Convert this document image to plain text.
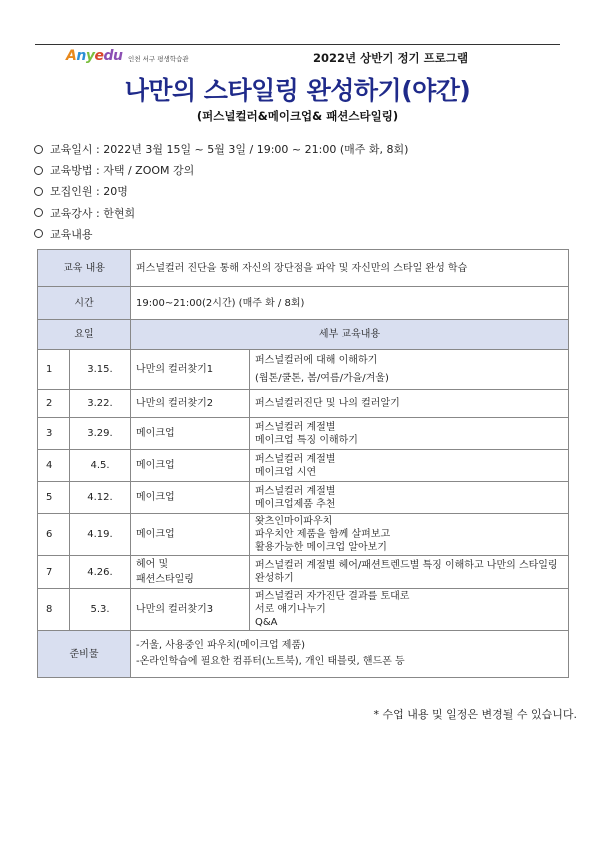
Anyedu 인천 서구 평생학습관	2022년 상반기 정기 프로그램
나만의 스타일링 완성하기(야간)
(퍼스널컬러&메이크업& 패션스타일링)
교육일시 : 2022년 3월 15일 ~ 5월 3일 / 19:00 ~ 21:00 (매주 화, 8회)
교육방법 : 자택 / ZOOM 강의
모집인원 : 20명
교육강사 : 한현희
교육내용
교육 내용		퍼스널컬러 진단을 통해 자신의 장단점을 파악 및 자신만의 스타일 완성 학습	
시간		19:00~21:00(2시간) (매주 화 / 8회)	
요일		세부 교육내용	
1	3.15.	나만의 컬러찾기1	퍼스널컬러에 대해 이해하기
(웜톤/쿨톤, 봄/여름/가을/겨울)
2	3.22.	나만의 컬러찾기2	퍼스널컬러진단 및 나의 컬러알기
3	3.29.	메이크업	퍼스널컬러 계절별
메이크업 특징 이해하기
4	4.5.	메이크업	퍼스널컬러 계절별
메이크업 시연
5	4.12.	메이크업	퍼스널컬러 계절별
메이크업제품 추천
6	4.19.	메이크업	왓츠인마이파우치
파우치안 제품을 함께 살펴보고
활용가능한 메이크업 알아보기
7	4.26.	헤어 및
패션스타일링	퍼스널컬러 계절별 헤어/패션트렌드별 특징 이해하고 나만의 스타일링 완성하기
8	5.3.	나만의 컬러찾기3	퍼스널컬러 자가진단 결과를 토대로
서로 얘기나누기
Q&A
준비물		-거울, 사용중인 파우치(메이크업 제품)
-온라인학습에 필요한 컴퓨터(노트북), 개인 태블릿, 핸드폰 등	
* 수업 내용 및 일정은 변경될 수 있습니다.
